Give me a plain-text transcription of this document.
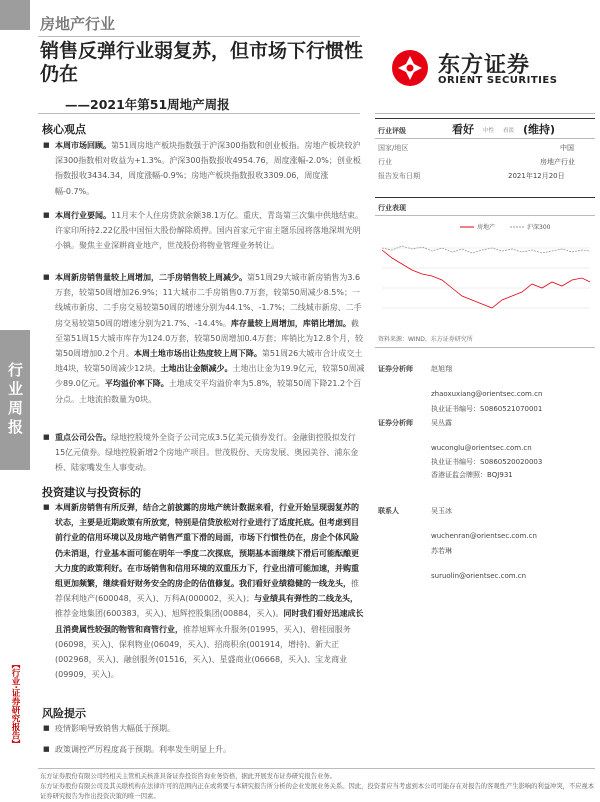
行业周报
【行业·证券研究报告】
房地产行业
销售反弹行业弱复苏，但市场下行惯性仍在
——2021年第51周地产周报
东方证券
ORIENT SECURITIES
核心观点
■ 本周市场回顾。第51周房地产板块指数强于沪深300指数和创业板指。房地产板块较沪深300指数相对收益为+1.3%。沪深300指数报收4954.76，周度涨幅-2.0%；创业板指数报收3434.34，周度涨幅-0.9%；房地产板块指数报收3309.06，周度涨幅-0.7%。
■ 本周行业要闻。11月末个人住房贷款余额38.1万亿。重庆、青岛第三次集中供地结束。许家印所持2.22亿股中国恒大股份解除质押。国内首家元宇宙主题乐园将落地深圳光明小镇。聚焦主业深耕商业地产，世茂股份将物业管理业务转让。
■ 本周新房销售量较上周增加，二手房销售较上周减少。第51周29大城市新房销售为3.6万套，较第50周增加26.9%；11大城市二手房销售0.7万套，较第50周减少8.5%；一线城市新房、二手房交易较第50周的增速分别为44.1%、-1.7%；二线城市新房、二手房交易较第50周的增速分别为21.7%、-14.4%。库存量较上周增加，库销比增加。截至第51周15大城市库存为124.0万套，较第50周增加0.4万套；库销比为12.8个月，较第50周增加0.2个月。本周土地市场出让热度较上周下降。第51周26大城市合计成交土地4块，较第50周减少12块。土地出让金额减少。土地出让金为19.9亿元，较第50周减少89.0亿元。平均溢价率下降。土地成交平均溢价率为5.8%，较第50周下降21.2个百分点。土地流拍数量为0块。
■ 重点公司公告。绿地控股境外全资子公司完成3.5亿美元债券发行。金融街控股拟发行15亿元债券。绿地控股新增2个房地产项目。世茂股份、天房发展、奥园美谷、浦东金桥、陆家嘴发生人事变动。
投资建议与投资标的
■ 本周新房销售有所反弹，结合之前披露的房地产统计数据来看，行业开始呈现弱复苏的状态，主要是近期政策有所放宽，特别是信贷放松对行业进行了适度托底。但考虑到目前行业的信用环境以及房地产销售严重下滑的局面，市场下行惯性仍在，房企个体风险仍未消退，行业基本面可能在明年一季度二次探底，预期基本面继续下滑后可能酝酿更大力度的政策利好。在市场销售和信用环境的双重压力下，行业出清可能加速，并购重组更加频繁，继续看好财务安全的房企的估值修复。我们看好业绩稳健的一线龙头，推荐保利地产(600048，买入)、万科A(000002，买入)；与业绩具有弹性的二线龙头，推荐金地集团(600383，买入)、旭辉控股集团(00884，买入)。同时我们看好迅速成长且消费属性较强的物管和商管行业，推荐旭辉永升服务(01995，买入)、碧桂园服务(06098，买入)、保利物业(06049，买入)、招商积余(001914，增持)、新大正(002968，买入)、融创服务(01516，买入)、星盛商业(06668，买入)、宝龙商业(09909，买入)。
风险提示
■ 疫情影响导致销售大幅低于预期。
■ 政策调控严厉程度高于预期。利率发生明显上升。
行业评级	看好 中性 看淡 (维持)
国家/地区	中国
行业	房地产行业
报告发布日期	2021年12月20日
行业表现
房地产	沪深300
资料来源：WIND、东方证券研究所
证券分析师	赵旭翔
zhaoxuxiang@orientsec.com.cn
执业证书编号：S0860521070001
证券分析师	吴丛露
wuconglu@orientsec.com.cn
执业证书编号：S0860520020003
香港证监会牌照：BQJ931
联系人	吴玉冰
wuchenran@orientsec.com.cn
苏若琳
suruolin@orientsec.com.cn
东方证券股份有限公司经相关主管机关核准具备证券投资咨询业务资格，据此开展发布证券研究报告业务。
东方证券股份有限公司及其关联机构在法律许可的范围内正在或将要与本研究报告所分析的企业发展业务关系。因此，投资者应当考虑到本公司可能存在对报告的客观性产生影响的利益冲突，不应视本证券研究报告为作出投资决策的唯一因素。
